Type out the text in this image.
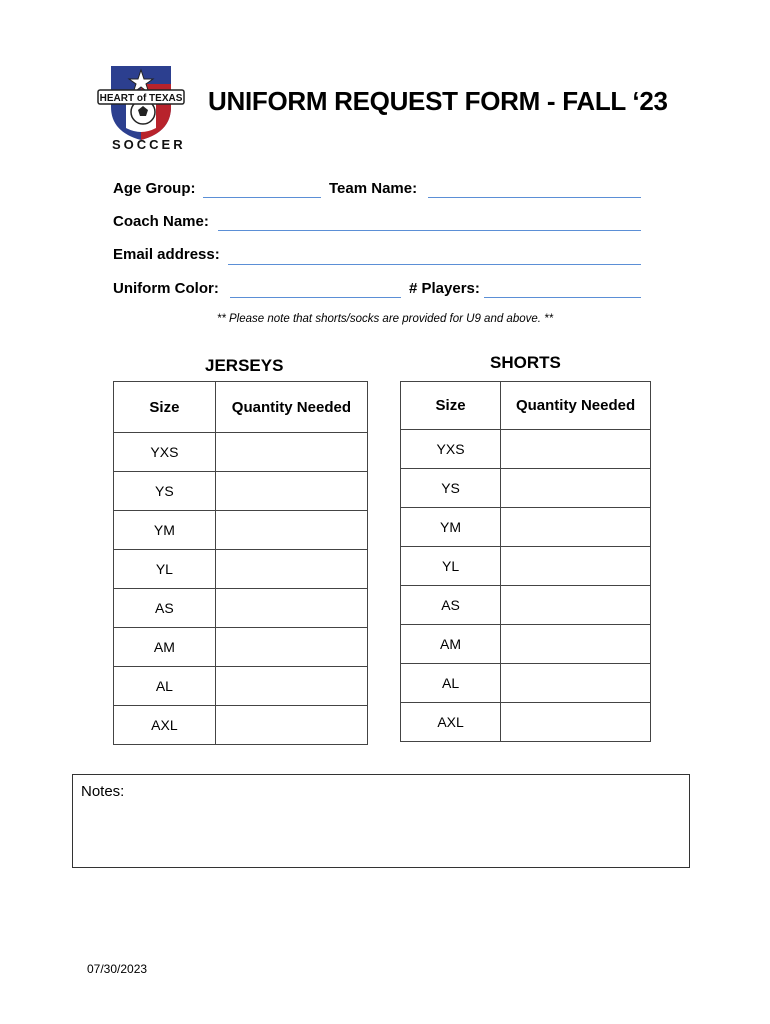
HEART of TEXAS
SOCCER
UNIFORM REQUEST FORM - FALL ‘23
Age Group:	Team Name:
Coach Name:
Email address:
Uniform Color:	# Players:
** Please note that shorts/socks are provided for U9 and above. **
JERSEYS	SHORTS
Size	Quantity Needed
YXS	
YS	
YM	
YL	
AS	
AM	
AL	
AXL	
Size	Quantity Needed
YXS	
YS	
YM	
YL	
AS	
AM	
AL	
AXL	
Notes:
07/30/2023
